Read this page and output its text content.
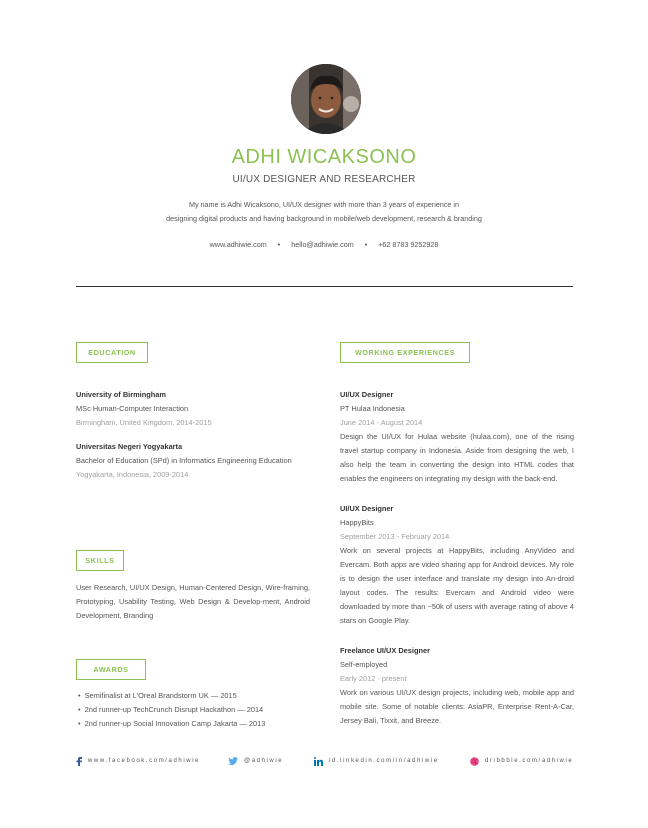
ADHI WICAKSONO
UI/UX DESIGNER AND RESEARCHER
My name is Adhi Wicaksono, UI/UX designer with more than 3 years of experience in
designing digital products and having background in mobile/web development, research & branding
www.adhiwie.com • hello@adhiwie.com • +62 8783 9252928
EDUCATION
University of Birmingham
MSc Human-Computer Interaction
Birmingham, United Kingdom, 2014-2015
Universitas Negeri Yogyakarta
Bachelor of Education (SPd) in Informatics Engineering Education
Yogyakarta, Indonesia, 2009-2014
SKILLS
User Research, UI/UX Design, Human-Centered Design, Wire-framing, Prototyping, Usability Testing, Web Design & Develop-ment, Android Development, Branding
AWARDS
• Semifinalist at L'Oreal Brandstorm UK — 2015
• 2nd runner-up TechCrunch Disrupt Hackathon — 2014
• 2nd runner-up Social Innovation Camp Jakarta — 2013
WORKING EXPERIENCES
UI/UX Designer
PT Hulaa Indonesia
June 2014 - August 2014
Design the UI/UX for Hulaa website (hulaa.com), one of the rising travel startup company in Indonesia. Aside from designing the web, I also help the team in converting the design into HTML codes that enables the engineers on integrating my design with the back-end.
UI/UX Designer
HappyBits
September 2013 - February 2014
Work on several projects at HappyBits, including AnyVideo and Evercam. Both apps are video sharing app for Android devices. My role is to design the user interface and translate my design into An-droid layout codes. The results: Evercam and Android video were downloaded by more than ~50k of users with average rating of above 4 stars on Google Play.
Freelance UI/UX Designer
Self-employed
Early 2012 - present
Work on various UI/UX design projects, including web, mobile app and mobile site. Some of notable clients: AsiaPR, Enterprise Rent-A-Car, Jersey Bali, Tixxit, and Breeze.
www.facebook.com/adhiwie	@adhiwie	id.linkedin.com/in/adhiwie	dribbble.com/adhiwie
